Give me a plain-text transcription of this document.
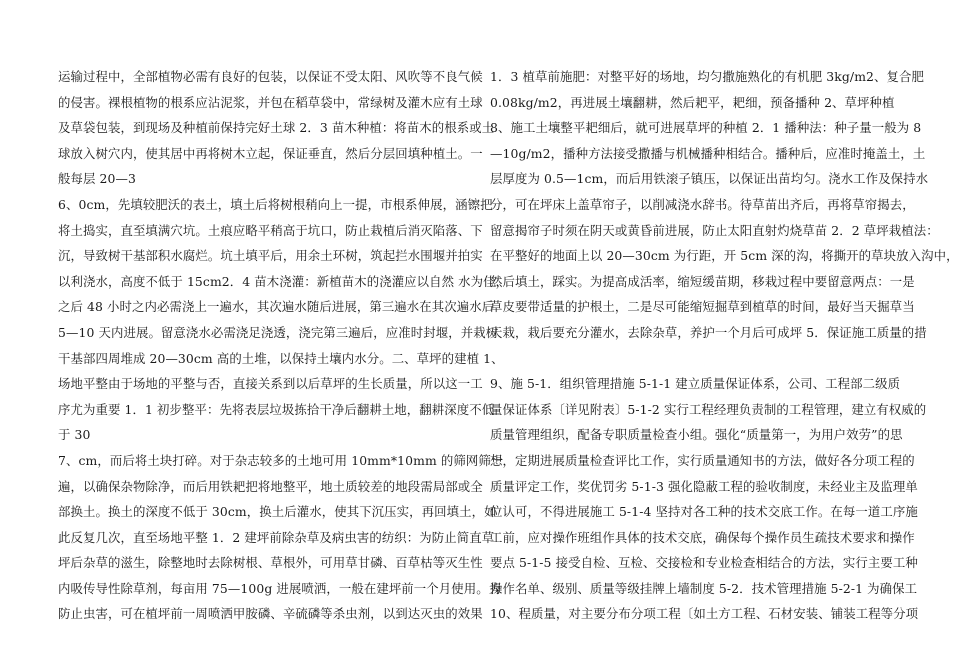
运输过程中，全部植物必需有良好的包装，以保证不受太阳、风吹等不良气候
的侵害。裸根植物的根系应沾泥浆，并包在稻草袋中，常绿树及灌木应有土球
及草袋包装，到现场及种植前保持完好土球 2．3 苗木种植：将苗木的根系或土
球放入树穴内，使其居中再将树木立起，保证垂直，然后分层回填种植土。一
般每层 20—3
6、0cm，先填较肥沃的表土，填土后将树根稍向上一提，市根系伸展，涵镲把
将土捣实，直至填满穴坑。土痕应略平稍高于坑口，防止栽植后消灭陷落、下
沉，导致树干基部积水腐烂。坑土填平后，用余土环树，筑起拦水围堰并拍实
以利浇水，高度不低于 15cm2．4 苗木浇灌：新植苗木的浇灌应以自然 水为佳，
之后 48 小时之内必需浇上一遍水，其次遍水随后进展，第三遍水在其次遍水后
5—10 天内进展。留意浇水必需浇足浇透，浇完第三遍后，应准时封堰，并栽树
干基部四周堆成 20—30cm 高的土堆，以保持土壤内水分。二、草坪的建植 1、
场地平整由于场地的平整与否，直接关系到以后草坪的生长质量，所以这一工
序尤为重要 1．1 初步整平：先将表层垃圾拣拾干净后翻耕土地，翻耕深度不低
于 30
7、cm，而后将土块打碎。对于杂志较多的土地可用 10mm*10mm 的筛网筛一
遍，以确保杂物除净，而后用铁耙把将地整平，地土质较差的地段需局部或全
部换土。换土的深度不低于 30cm，换土后灌水，使其下沉压实，再回填土，如
此反复几次，直至场地平整 1．2 建坪前除杂草及病虫害的纺织：为防止简直草
坪后杂草的滋生，除整地时去除树根、草根外，可用草甘磷、百草枯等灭生性
内吸传导性除草剂，每亩用 75—100g 进展喷洒，一般在建坪前一个月使用。为
防止虫害，可在植坪前一周喷洒甲胺磷、辛硫磷等杀虫剂，以到达灭虫的效果
1．3 植草前施肥：对整平好的场地，均匀撒施熟化的有机肥 3kg/m2、复合肥
0.08kg/m2，再进展土壤翻耕，然后耙平，耙细，预备播种 2、草坪种植
8、施工土壤整平耙细后，就可进展草坪的种植 2．1 播种法：种子量一般为 8
—10g/m2，播种方法接受撒播与机械播种相结合。播种后，应准时掩盖土，土
层厚度为 0.5—1cm，而后用铁滚子镇压，以保证出苗均匀。浇水工作及保持水
分，可在坪床上盖草帘子，以削减浇水辞书。待草苗出齐后，再将草帘揭去，
留意揭帘子时须在阴天或黄昏前进展，防止太阳直射灼烧草苗 2．2 草坪栽植法：
在平整好的地面上以 20—30cm 为行距，开 5cm 深的沟，将撕开的草块放入沟中，
然后填土，踩实。为提高成活率，缩短缓苗期，移栽过程中要留意两点：一是
草皮要带适量的护根土，二是尽可能缩短掘草到植草的时间，最好当天掘草当
天栽，栽后要充分灌水，去除杂草，养护一个月后可成坪 5．保证施工质量的措
9、施 5-1．组织管理措施 5-1-1 建立质量保证体系，公司、工程部二级质
量保证体系〔详见附表〕5-1-2 实行工程经理负责制的工程管理，建立有权威的
质量管理组织，配备专职质量检查小组。强化“质量第一，为用户效劳”的思
想，定期进展质量检查评比工作，实行质量通知书的方法，做好各分项工程的
质量评定工作，奖优罚劣 5-1-3 强化隐蔽工程的验收制度，未经业主及监理单
位认可，不得进展施工 5-1-4 坚持对各工种的技术交底工作。在每一道工序施
工前，应对操作班组作具体的技术交底，确保每个操作员生疏技术要求和操作
要点 5-1-5 接受自检、互检、交接检和专业检查相结合的方法，实行主要工种
操作名单、级别、质量等级挂牌上墙制度 5-2．技术管理措施 5-2-1 为确保工
10、程质量，对主要分布分项工程〔如土方工程、石材安装、铺装工程等分项
